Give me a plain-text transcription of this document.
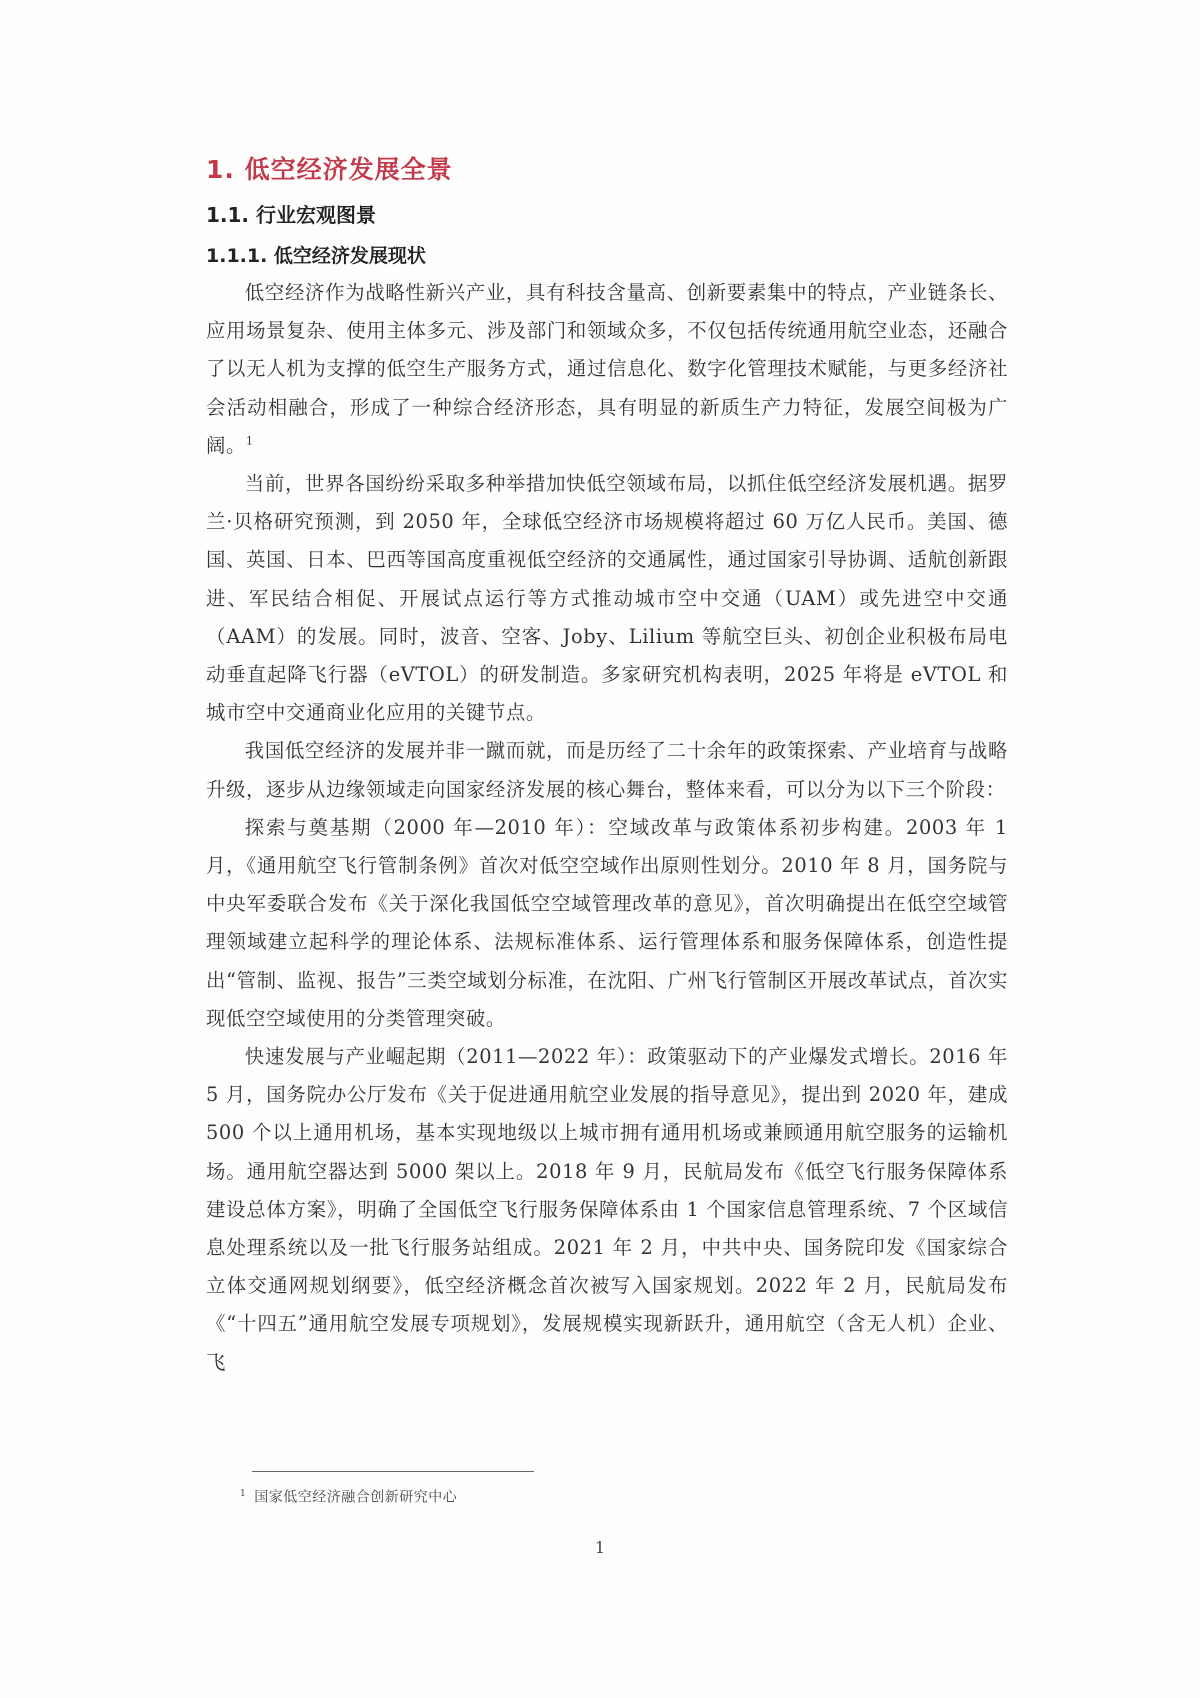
1. 低空经济发展全景
1.1. 行业宏观图景
1.1.1. 低空经济发展现状

低空经济作为战略性新兴产业，具有科技含量高、创新要素集中的特点，产业链条长、应用场景复杂、使用主体多元、涉及部门和领域众多，不仅包括传统通用航空业态，还融合了以无人机为支撑的低空生产服务方式，通过信息化、数字化管理技术赋能，与更多经济社会活动相融合，形成了一种综合经济形态，具有明显的新质生产力特征，发展空间极为广阔。$^1$

当前，世界各国纷纷采取多种举措加快低空领域布局，以抓住低空经济发展机遇。据罗兰·贝格研究预测，到 2050 年，全球低空经济市场规模将超过 60 万亿人民币。美国、德国、英国、日本、巴西等国高度重视低空经济的交通属性，通过国家引导协调、适航创新跟进、军民结合相促、开展试点运行等方式推动城市空中交通（UAM）或先进空中交通（AAM）的发展。同时，波音、空客、Joby、Lilium 等航空巨头、初创企业积极布局电动垂直起降飞行器（eVTOL）的研发制造。多家研究机构表明，2025 年将是 eVTOL 和城市空中交通商业化应用的关键节点。

我国低空经济的发展并非一蹴而就，而是历经了二十余年的政策探索、产业培育与战略升级，逐步从边缘领域走向国家经济发展的核心舞台，整体来看，可以分为以下三个阶段：

探索与奠基期（2000 年—2010 年）：空域改革与政策体系初步构建。2003 年 1 月，《通用航空飞行管制条例》首次对低空空域作出原则性划分。2010 年 8 月，国务院与中央军委联合发布《关于深化我国低空空域管理改革的意见》，首次明确提出在低空空域管理领域建立起科学的理论体系、法规标准体系、运行管理体系和服务保障体系，创造性提出“管制、监视、报告”三类空域划分标准，在沈阳、广州飞行管制区开展改革试点，首次实现低空空域使用的分类管理突破。

快速发展与产业崛起期（2011—2022 年）：政策驱动下的产业爆发式增长。2016 年 5 月，国务院办公厅发布《关于促进通用航空业发展的指导意见》，提出到 2020 年，建成 500 个以上通用机场，基本实现地级以上城市拥有通用机场或兼顾通用航空服务的运输机场。通用航空器达到 5000 架以上。2018 年 9 月，民航局发布《低空飞行服务保障体系建设总体方案》，明确了全国低空飞行服务保障体系由 1 个国家信息管理系统、7 个区域信息处理系统以及一批飞行服务站组成。2021 年 2 月，中共中央、国务院印发《国家综合立体交通网规划纲要》，低空经济概念首次被写入国家规划。2022 年 2 月，民航局发布《“十四五”通用航空发展专项规划》，发展规模实现新跃升，通用航空（含无人机）企业、飞

$^1$ 国家低空经济融合创新研究中心
1
